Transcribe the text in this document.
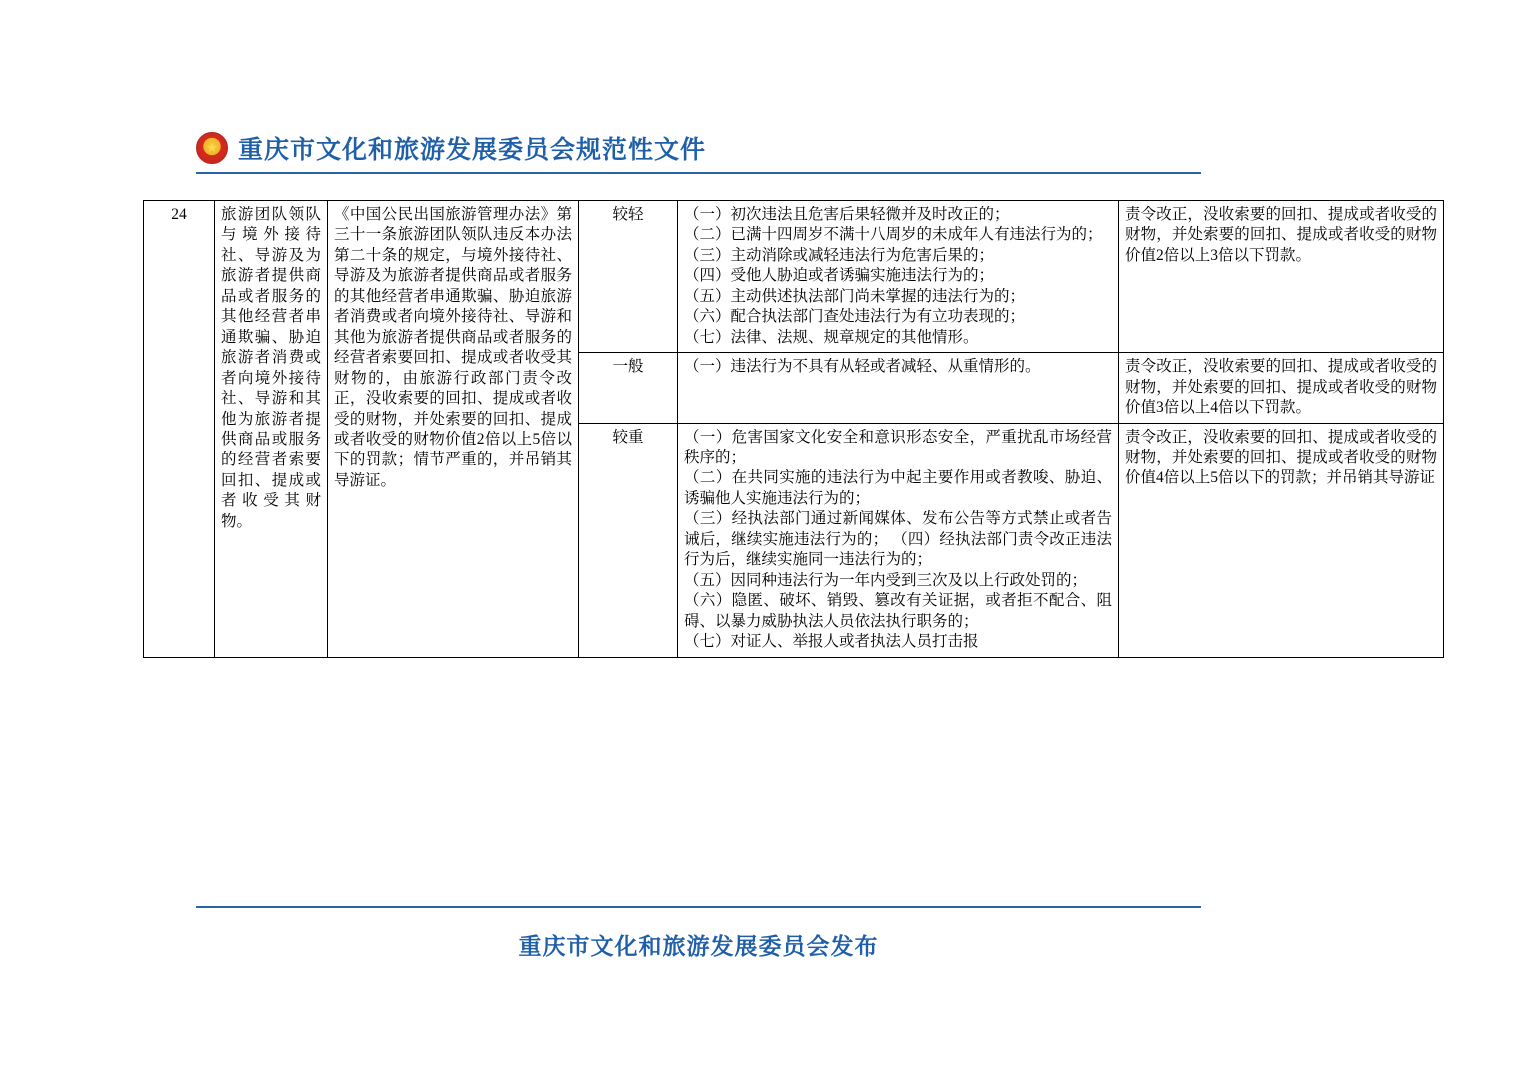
★
重庆市文化和旅游发展委员会规范性文件
24	旅游团队领队与境外接待社、导游及为旅游者提供商品或者服务的其他经营者串通欺骗、胁迫旅游者消费或者向境外接待社、导游和其他为旅游者提供商品或服务的经营者索要回扣、提成或者收受其财物。	《中国公民出国旅游管理办法》第三十一条旅游团队领队违反本办法第二十条的规定，与境外接待社、导游及为旅游者提供商品或者服务的其他经营者串通欺骗、胁迫旅游者消费或者向境外接待社、导游和其他为旅游者提供商品或者服务的经营者索要回扣、提成或者收受其财物的，由旅游行政部门责令改正，没收索要的回扣、提成或者收受的财物，并处索要的回扣、提成或者收受的财物价值2倍以上5倍以下的罚款；情节严重的，并吊销其导游证。	较轻	（一）初次违法且危害后果轻微并及时改正的；
（二）已满十四周岁不满十八周岁的未成年人有违法行为的；
（三）主动消除或减轻违法行为危害后果的；
（四）受他人胁迫或者诱骗实施违法行为的；
（五）主动供述执法部门尚未掌握的违法行为的；
（六）配合执法部门查处违法行为有立功表现的；
（七）法律、法规、规章规定的其他情形。
	责令改正，没收索要的回扣、提成或者收受的财物，并处索要的回扣、提成或者收受的财物价值2倍以上3倍以下罚款。
			一般	（一）违法行为不具有从轻或者减轻、从重情形的。	责令改正，没收索要的回扣、提成或者收受的财物，并处索要的回扣、提成或者收受的财物价值3倍以上4倍以下罚款。
较重	（一）危害国家文化安全和意识形态安全，严重扰乱市场经营秩序的；
（二）在共同实施的违法行为中起主要作用或者教唆、胁迫、诱骗他人实施违法行为的；
（三）经执法部门通过新闻媒体、发布公告等方式禁止或者告诫后，继续实施违法行为的； （四）经执法部门责令改正违法行为后，继续实施同一违法行为的；
（五）因同种违法行为一年内受到三次及以上行政处罚的；
（六）隐匿、破坏、销毁、篡改有关证据，或者拒不配合、阻碍、以暴力威胁执法人员依法执行职务的；
（七）对证人、举报人或者执法人员打击报
	责令改正，没收索要的回扣、提成或者收受的财物，并处索要的回扣、提成或者收受的财物价值4倍以上5倍以下的罚款；并吊销其导游证
重庆市文化和旅游发展委员会发布
